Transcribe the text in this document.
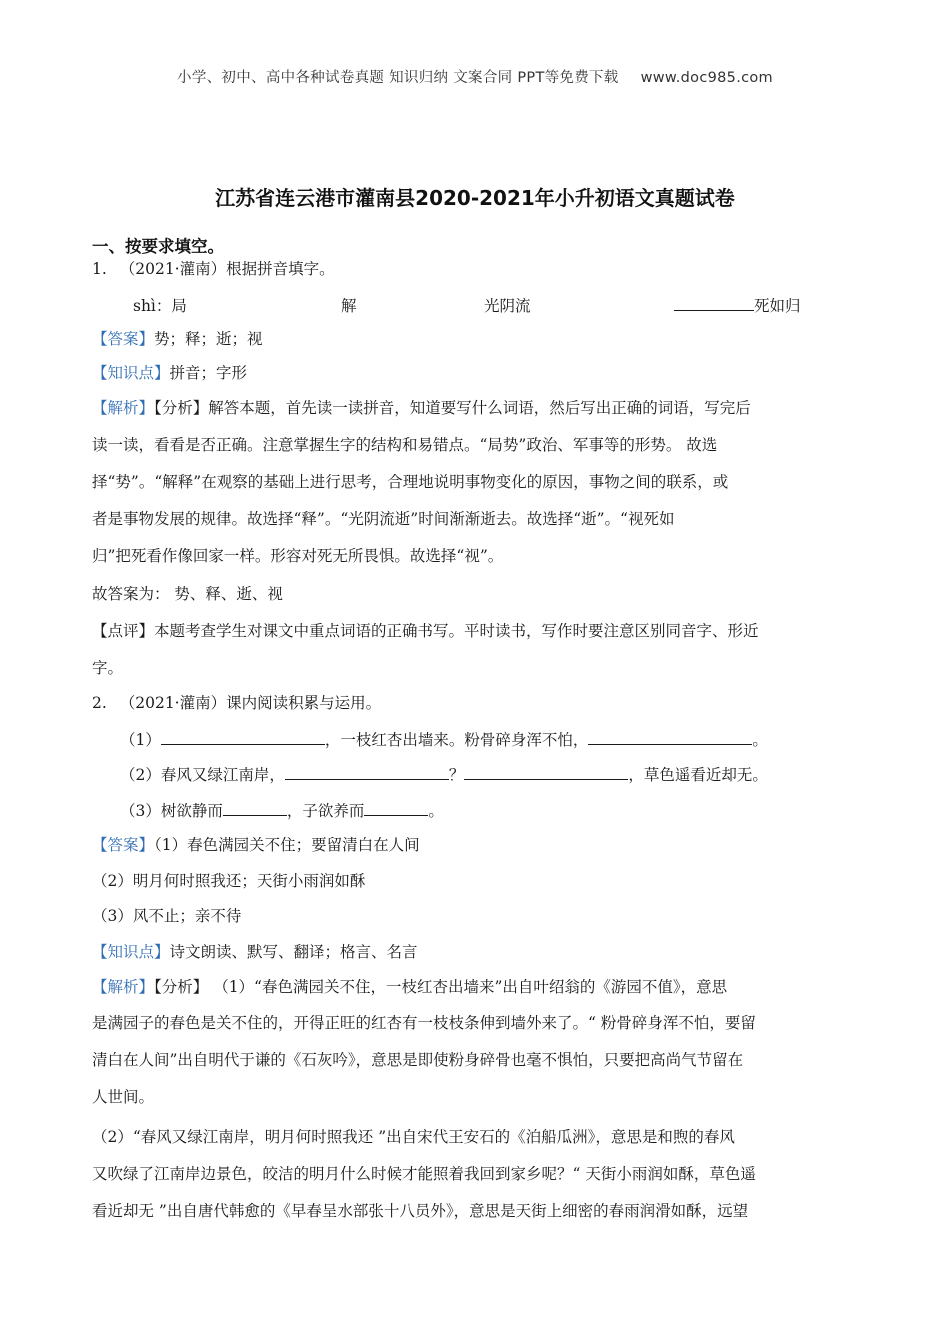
小学、初中、高中各种试卷真题 知识归纳 文案合同 PPT等免费下载 www.doc985.com
江苏省连云港市灌南县2020-2021年小升初语文真题试卷
一、按要求填空。
1. （2021·灌南）根据拼音填字。
shì：局	解	光阴流	死如归
【答案】势；释；逝；视
【知识点】拼音；字形
【解析】【分析】解答本题，首先读一读拼音，知道要写什么词语，然后写出正确的词语，写完后
读一读，看看是否正确。注意掌握生字的结构和易错点。“局势”政治、军事等的形势。 故选
择“势”。“解释”在观察的基础上进行思考，合理地说明事物变化的原因，事物之间的联系，或
者是事物发展的规律。故选择“释”。“光阴流逝”时间渐渐逝去。故选择“逝”。“视死如
归”把死看作像回家一样。形容对死无所畏惧。故选择“视”。
故答案为： 势、释、逝、视
【点评】本题考查学生对课文中重点词语的正确书写。平时读书，写作时要注意区别同音字、形近
字。
2. （2021·灌南）课内阅读积累与运用。
（1）	，一枝红杏出墙来。粉骨碎身浑不怕，	。
（2）春风又绿江南岸，	？	，草色遥看近却无。
（3）树欲静而	，子欲养而	。
【答案】（1）春色满园关不住；要留清白在人间
（2）明月何时照我还；天街小雨润如酥
（3）风不止；亲不待
【知识点】诗文朗读、默写、翻译；格言、名言
【解析】【分析】 （1）“春色满园关不住，一枝红杏出墙来”出自叶绍翁的《游园不值》，意思
是满园子的春色是关不住的，开得正旺的红杏有一枝枝条伸到墙外来了。“ 粉骨碎身浑不怕，要留
清白在人间”出自明代于谦的《石灰吟》，意思是即使粉身碎骨也毫不惧怕，只要把高尚气节留在
人世间。
（2）“春风又绿江南岸，明月何时照我还 ”出自宋代王安石的《泊船瓜洲》，意思是和煦的春风
又吹绿了江南岸边景色，皎洁的明月什么时候才能照着我回到家乡呢？“ 天街小雨润如酥，草色遥
看近却无 ”出自唐代韩愈的《早春呈水部张十八员外》，意思是天街上细密的春雨润滑如酥，远望
